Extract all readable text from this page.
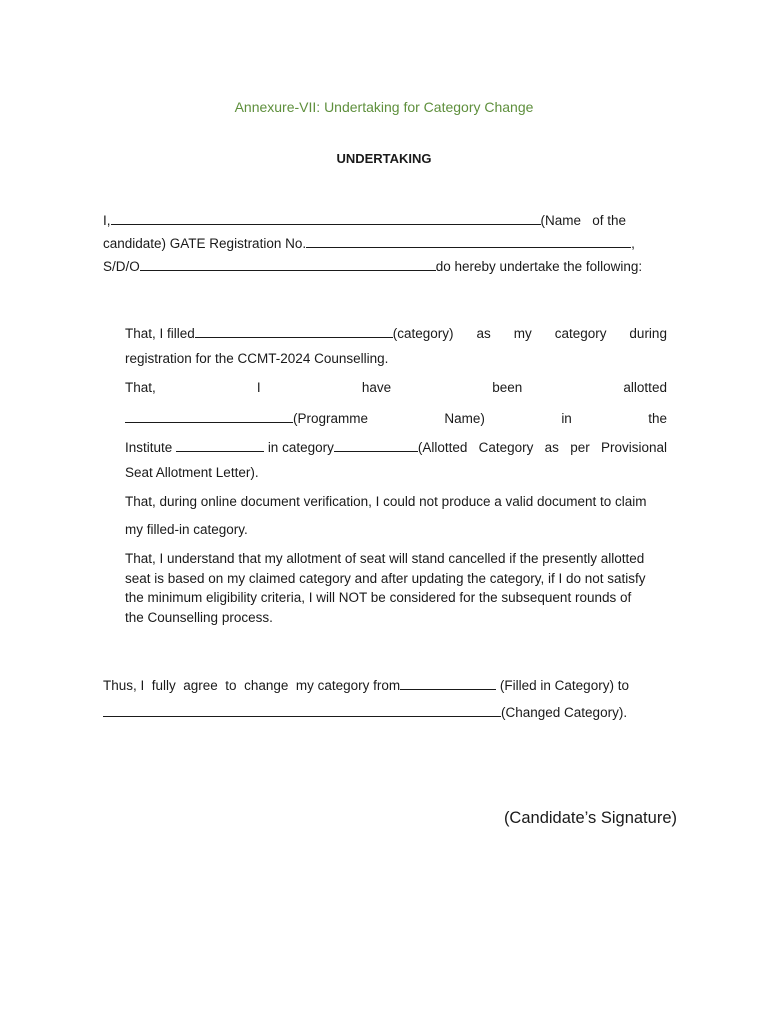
Annexure-VII: Undertaking for Category Change
UNDERTAKING
I,	(Name   of the
candidate) GATE Registration No.	,
S/D/O	do hereby undertake the following:
That, I filled	(category) as my category during
registration for the CCMT-2024 Counselling.
That,	I	have	been	allotted
(Programme	Name)	in	the
Institute	in category	(Allotted Category as per Provisional
Seat Allotment Letter).
That, during online document verification, I could not produce a valid document to claim
my filled-in category.
That, I understand that my allotment of seat will stand cancelled if the presently allotted
seat is based on my claimed category and after updating the category, if I do not satisfy
the minimum eligibility criteria, I will NOT be considered for the subsequent rounds of
the Counselling process.
Thus, I  fully  agree  to  change  my category from	(Filled in Category) to
(Changed Category).
(Candidate’s Signature)
